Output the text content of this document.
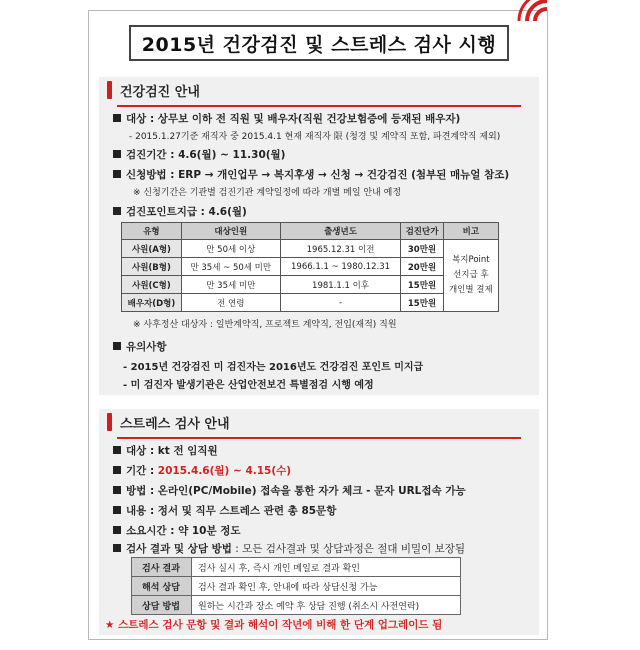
2015년 건강검진 및 스트레스 검사 시행
건강검진 안내
대상 : 상무보 이하 전 직원 및 배우자(직원 건강보험증에 등재된 배우자)
- 2015.1.27기준 재직자 중 2015.4.1 현재 재직자 限 (청경 및 계약직 포함, 파견계약직 제외)
검진기간 : 4.6(월) ~ 11.30(월)
신청방법 : ERP → 개인업무 → 복지후생 → 신청 → 건강검진 (첨부된 매뉴얼 참조)
※ 신청기간은 기관별 검진기관 계약일정에 따라 개별 메일 안내 예정
검진포인트지급 : 4.6(월)
유형	대상인원	출생년도	검진단가	비고
사원(A형)	만 50세 이상	1965.12.31 이전	30만원	복지Point
선지급 후
개인별 결제

사원(B형)	만 35세 ~ 50세 미만	1966.1.1 ~ 1980.12.31	20만원	
사원(C형)	만 35세 미만	1981.1.1 이후	15만원	
배우자(D형)	전 연령	-	15만원	
※ 사후정산 대상자 : 일반계약직, 프로젝트 계약직, 전입(재적) 직원
유의사항
- 2015년 건강검진 미 검진자는 2016년도 건강검진 포인트 미지급
- 미 검진자 발생기관은 산업안전보건 특별점검 시행 예정
스트레스 검사 안내
대상 : kt 전 임직원
기간 : 2015.4.6(월) ~ 4.15(수)
방법 : 온라인(PC/Mobile) 접속을 통한 자가 체크 - 문자 URL접속 가능
내용 : 정서 및 직무 스트레스 관련 총 85문항
소요시간 : 약 10분 정도
검사 결과 및 상담 방법 : 모든 검사결과 및 상담과정은 절대 비밀이 보장됨
검사 결과	검사 실시 후, 즉시 개인 메일로 결과 확인
해석 상담	검사 결과 확인 후, 안내에 따라 상담신청 가능
상담 방법	원하는 시간과 장소 예약 후 상담 진행 (취소시 사전연락)
★ 스트레스 검사 문항 및 결과 해석이 작년에 비해 한 단계 업그레이드 됨
